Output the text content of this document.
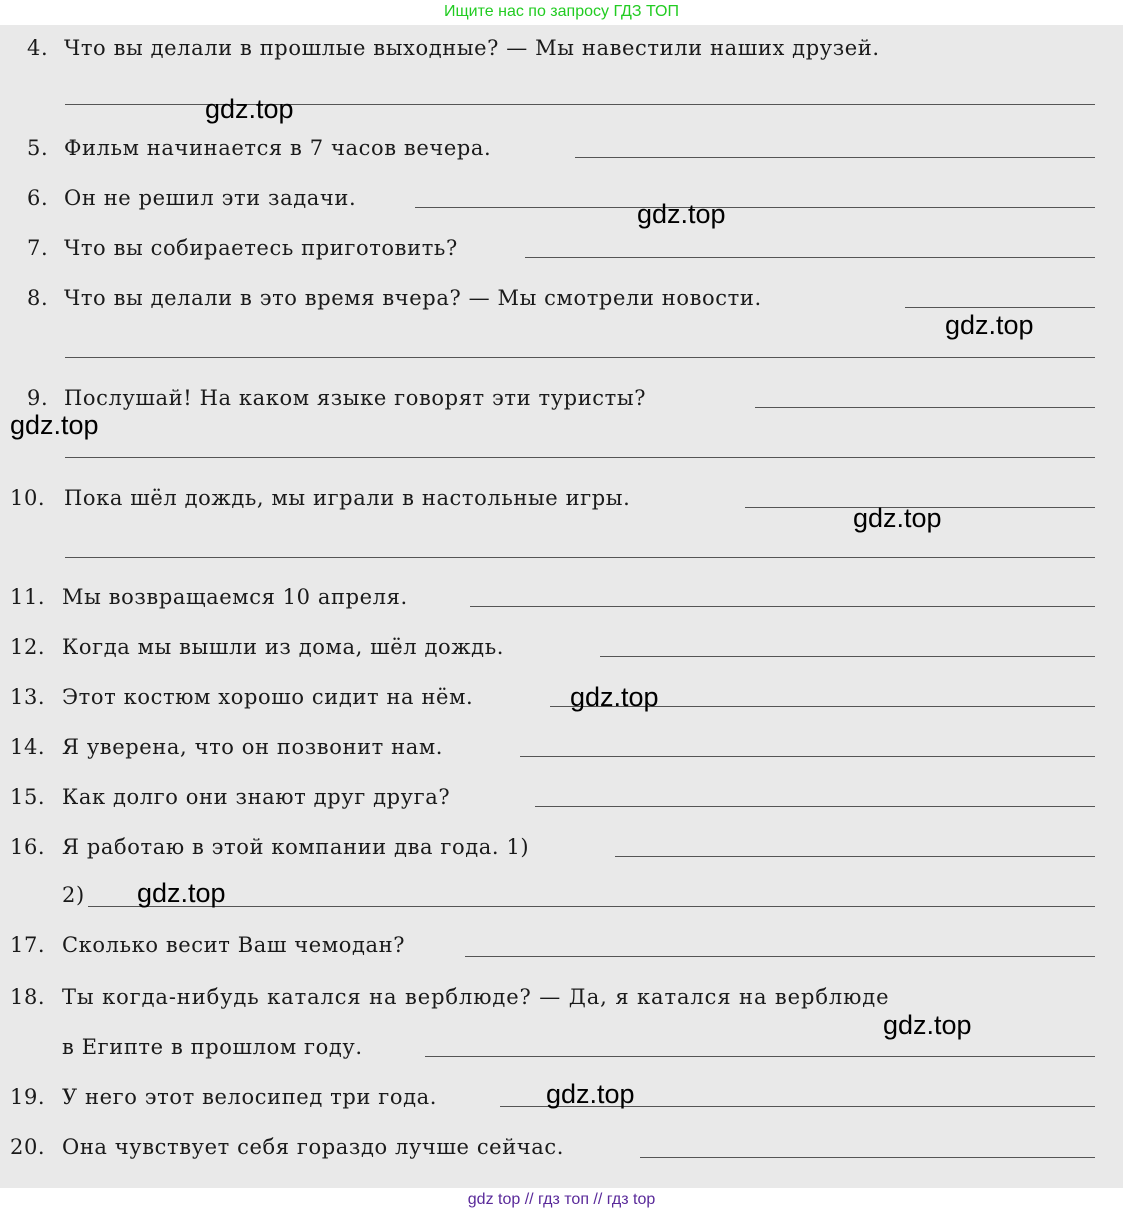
Ищите нас по запросу ГДЗ ТОП
4. Что вы делали в прошлые выходные? — Мы навестили наших друзей.
5. Фильм начинается в 7 часов вечера.
6. Он не решил эти задачи.
7. Что вы собираетесь приготовить?
8. Что вы делали в это время вчера? — Мы смотрели новости.
9. Послушай! На каком языке говорят эти туристы?
10. Пока шёл дождь, мы играли в настольные игры.
11. Мы возвращаемся 10 апреля.
12. Когда мы вышли из дома, шёл дождь.
13. Этот костюм хорошо сидит на нём.
14. Я уверена, что он позвонит нам.
15. Как долго они знают друг друга?
16. Я работаю в этой компании два года. 1)
2)
17. Сколько весит Ваш чемодан?
18. Ты когда-нибудь катался на верблюде? — Да, я катался на верблюде
в Египте в прошлом году.
19. У него этот велосипед три года.
20. Она чувствует себя гораздо лучше сейчас.
gdz.top
gdz.top
gdz.top
gdz.top
gdz.top
gdz.top
gdz.top
gdz.top
gdz.top
gdz top // гдз топ // гдз top
